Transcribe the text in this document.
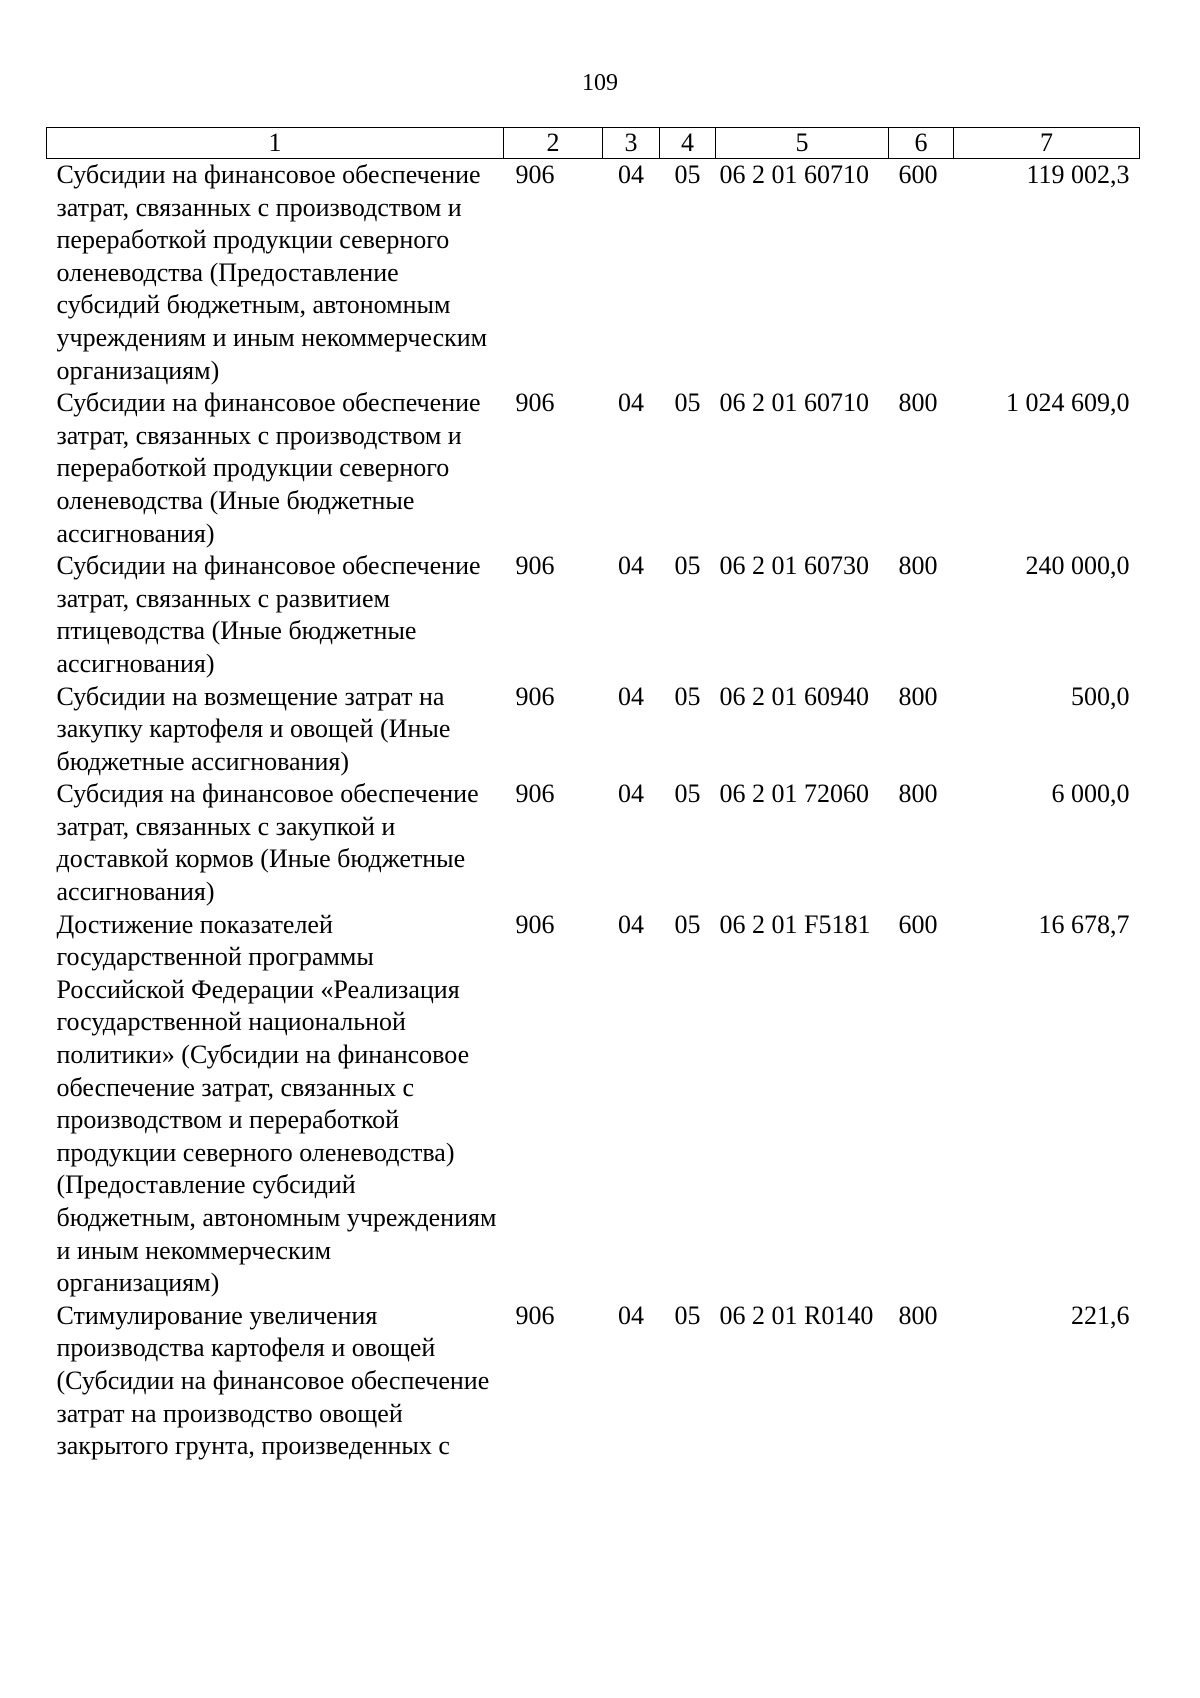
109
1	2	3	4	5	6	7
Субсидии на финансовое обеспечение затрат, связанных с производством и переработкой продукции северного оленеводства (Предоставление субсидий бюджетным, автономным учреждениям и иным некоммерческим организациям)	906	04	05	06 2 01 60710	600	119 002,3
Субсидии на финансовое обеспечение затрат, связанных с производством и переработкой продукции северного оленеводства (Иные бюджетные ассигнования)	906	04	05	06 2 01 60710	800	1 024 609,0
Субсидии на финансовое обеспечение затрат, связанных с развитием птицеводства (Иные бюджетные ассигнования)	906	04	05	06 2 01 60730	800	240 000,0
Субсидии на возмещение затрат на закупку картофеля и овощей (Иные бюджетные ассигнования)	906	04	05	06 2 01 60940	800	500,0
Субсидия на финансовое обеспечение затрат, связанных с закупкой и доставкой кормов (Иные бюджетные ассигнования)	906	04	05	06 2 01 72060	800	6 000,0
Достижение показателей государственной программы Российской Федерации «Реализация государственной национальной политики» (Субсидии на финансовое обеспечение затрат, связанных с производством и переработкой продукции северного оленеводства) (Предоставление субсидий бюджетным, автономным учреждениям и иным некоммерческим организациям)	906	04	05	06 2 01 F5181	600	16 678,7
Стимулирование увеличения производства картофеля и овощей (Субсидии на финансовое обеспечение затрат на производство овощей закрытого грунта, произведенных с	906	04	05	06 2 01 R0140	800	221,6
